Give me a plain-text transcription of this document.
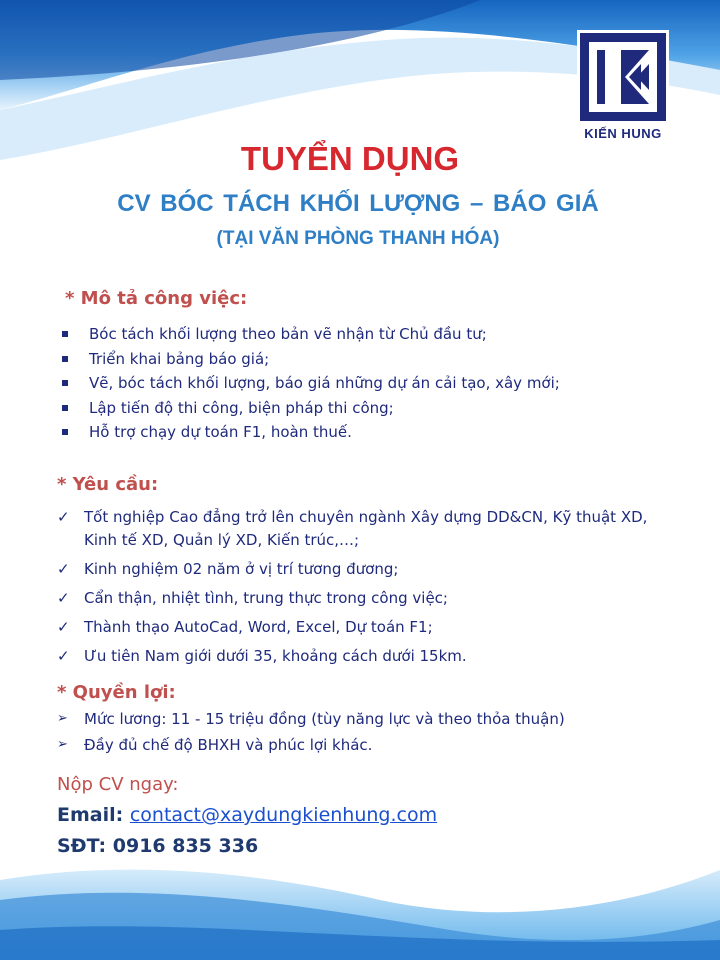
KIẾN HUNG
TUYỂN DỤNG
CV BÓC TÁCH KHỐI LƯỢNG – BÁO GIÁ
(TẠI VĂN PHÒNG THANH HÓA)
* Mô tả công việc:
Bóc tách khối lượng theo bản vẽ nhận từ Chủ đầu tư;
Triển khai bảng báo giá;
Vẽ, bóc tách khối lượng, báo giá những dự án cải tạo, xây mới;
Lập tiến độ thi công, biện pháp thi công;
Hỗ trợ chạy dự toán F1, hoàn thuế.
* Yêu cầu:
✓ Tốt nghiệp Cao đẳng trở lên chuyên ngành Xây dựng DD&CN, Kỹ thuật XD, Kinh tế XD, Quản lý XD, Kiến trúc,…;
✓ Kinh nghiệm 02 năm ở vị trí tương đương;
✓ Cẩn thận, nhiệt tình, trung thực trong công việc;
✓ Thành thạo AutoCad, Word, Excel, Dự toán F1;
✓ Ưu tiên Nam giới dưới 35, khoảng cách dưới 15km.
* Quyền lợi:
➢ Mức lương: 11 - 15 triệu đồng (tùy năng lực và theo thỏa thuận)
➢ Đầy đủ chế độ BHXH và phúc lợi khác.
Nộp CV ngay:
Email: contact@xaydungkienhung.com
SĐT: 0916 835 336
